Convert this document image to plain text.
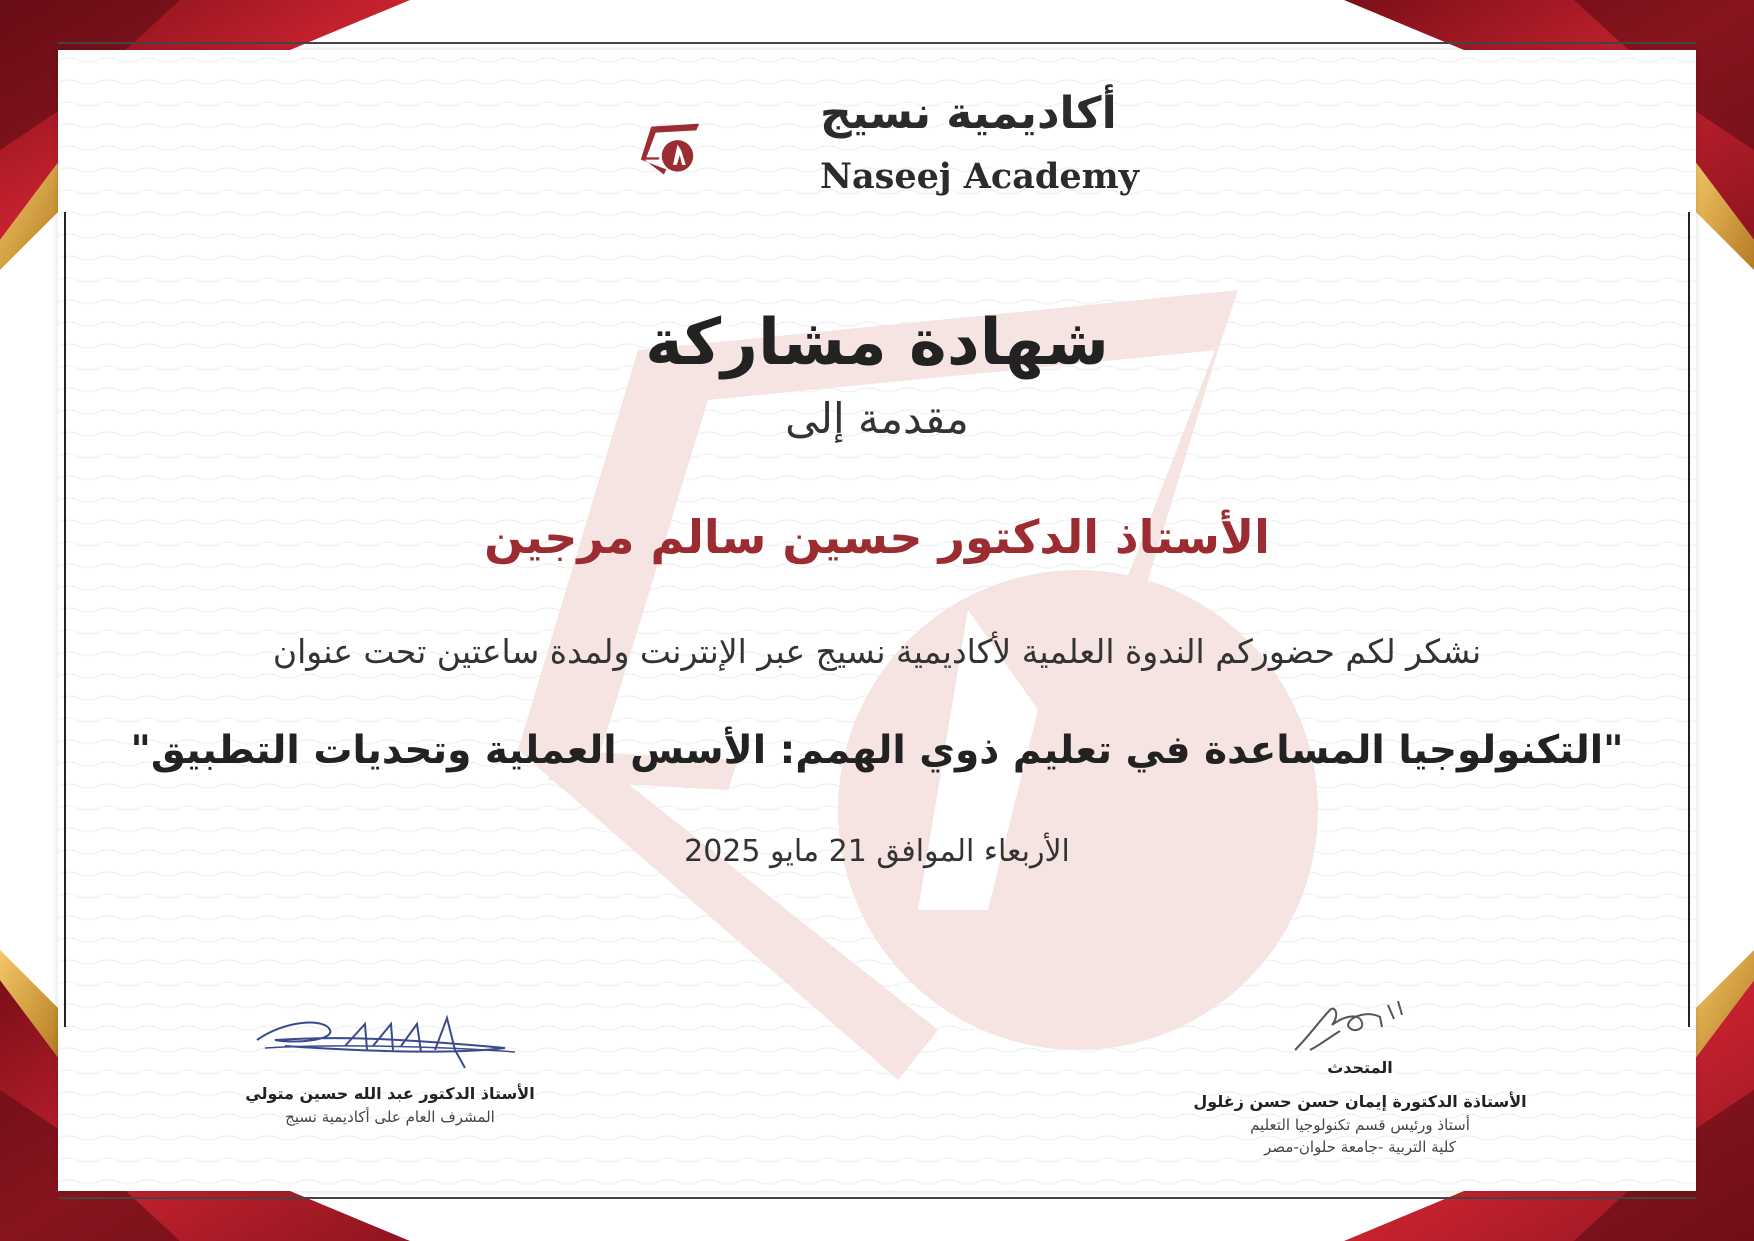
أكاديمية نسيج
Naseej Academy
شهادة مشاركة
مقدمة إلى
الأستاذ الدكتور حسين سالم مرجين
نشكر لكم حضوركم الندوة العلمية لأكاديمية نسيج عبر الإنترنت ولمدة ساعتين تحت عنوان
"التكنولوجيا المساعدة في تعليم ذوي الهمم: الأسس العملية وتحديات التطبيق"
الأربعاء الموافق 21 مايو 2025
المتحدث
الأستاذ الدكتور عبد الله حسين متولي
المشرف العام على أكاديمية نسيج
الأستاذة الدكتورة إيمان حسن حسن زغلول
أستاذ ورئيس قسم تكنولوجيا التعليم
كلية التربية -جامعة حلوان-مصر
